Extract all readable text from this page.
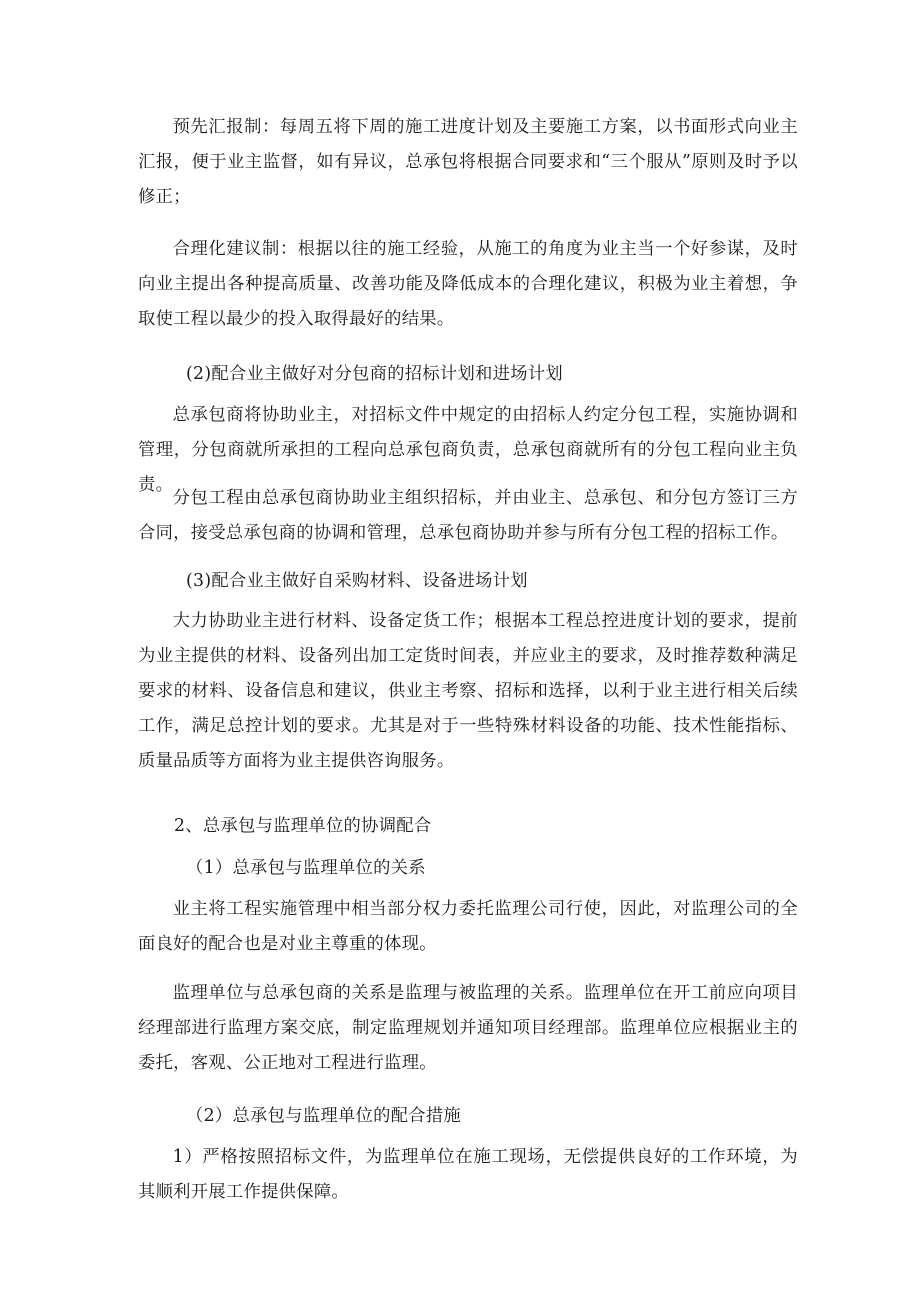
预先汇报制：每周五将下周的施工进度计划及主要施工方案，以书面形式向业主汇报，便于业主监督，如有异议，总承包将根据合同要求和“三个服从”原则及时予以修正；

合理化建议制：根据以往的施工经验，从施工的角度为业主当一个好参谋，及时向业主提出各种提高质量、改善功能及降低成本的合理化建议，积极为业主着想，争取使工程以最少的投入取得最好的结果。

(2)配合业主做好对分包商的招标计划和进场计划

总承包商将协助业主，对招标文件中规定的由招标人约定分包工程，实施协调和管理，分包商就所承担的工程向总承包商负责，总承包商就所有的分包工程向业主负责。

分包工程由总承包商协助业主组织招标，并由业主、总承包、和分包方签订三方合同，接受总承包商的协调和管理，总承包商协助并参与所有分包工程的招标工作。

(3)配合业主做好自采购材料、设备进场计划

大力协助业主进行材料、设备定货工作；根据本工程总控进度计划的要求，提前为业主提供的材料、设备列出加工定货时间表，并应业主的要求，及时推荐数种满足要求的材料、设备信息和建议，供业主考察、招标和选择，以利于业主进行相关后续工作，满足总控计划的要求。尤其是对于一些特殊材料设备的功能、技术性能指标、质量品质等方面将为业主提供咨询服务。

2、总承包与监理单位的协调配合

（1）总承包与监理单位的关系

业主将工程实施管理中相当部分权力委托监理公司行使，因此，对监理公司的全面良好的配合也是对业主尊重的体现。

监理单位与总承包商的关系是监理与被监理的关系。监理单位在开工前应向项目经理部进行监理方案交底，制定监理规划并通知项目经理部。监理单位应根据业主的委托，客观、公正地对工程进行监理。

（2）总承包与监理单位的配合措施

1）严格按照招标文件，为监理单位在施工现场，无偿提供良好的工作环境，为其顺利开展工作提供保障。
